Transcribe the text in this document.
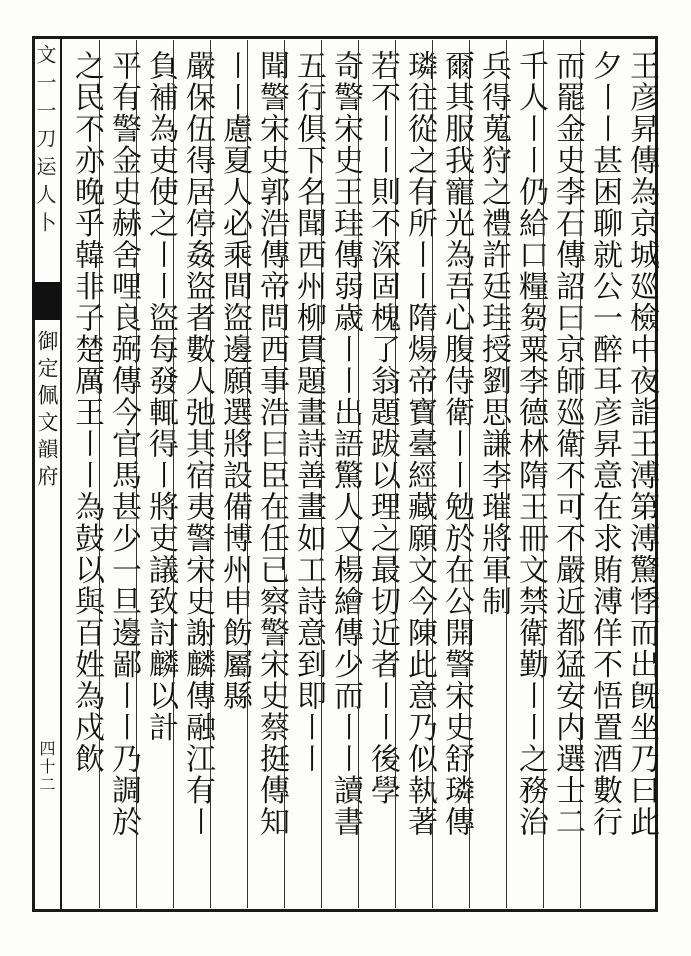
文一一刀运人卜
御定佩文韻府
四十二	王彦昇傳為京城廵檢中夜詣王溥第溥驚悸而出旣坐乃曰此
夕〡〡甚困聊就公一醉耳彦昇意在求賄溥佯不悟置酒數行
而罷金史李石傳詔曰京師廵衛不可不嚴近都猛安内選士二
千人〡〡仍給口糧芻粟李德林隋王冊文禁衛勤〡〡之務治
兵得蒐狩之禮許廷珪授劉思謙李璀將軍制
爾其服我寵光為吾心腹侍衛〡〡勉於在公開警宋史舒璘傳
璘往從之有所〡〡隋煬帝寶臺經藏願文今陳此意乃似執著
若不〡〡則不深固槐了翁題跋以理之最切近者〡〡後學
奇警宋史王珪傳弱歳〡〡出語驚人又楊繪傳少而〡〡讀書
五行俱下名聞西州柳貫題畫詩善畫如工詩意到即〡〡
聞警宋史郭浩傳帝問西事浩曰臣在任已察警宋史蔡挺傳知
〡〡慮夏人必乘間盜邊願選將設備博州申飭屬縣
嚴保伍得居停姦盜者數人弛其宿夷警宋史謝麟傳融江有〡
負補為吏使之〡〡盜每發輒得〡將吏議致討麟以計
平有警金史赫舍哩良弼傳今官馬甚少一旦邊鄙〡〡乃調於
之民不亦晚乎韓非子楚厲王〡〡為鼓以與百姓為戍飲
